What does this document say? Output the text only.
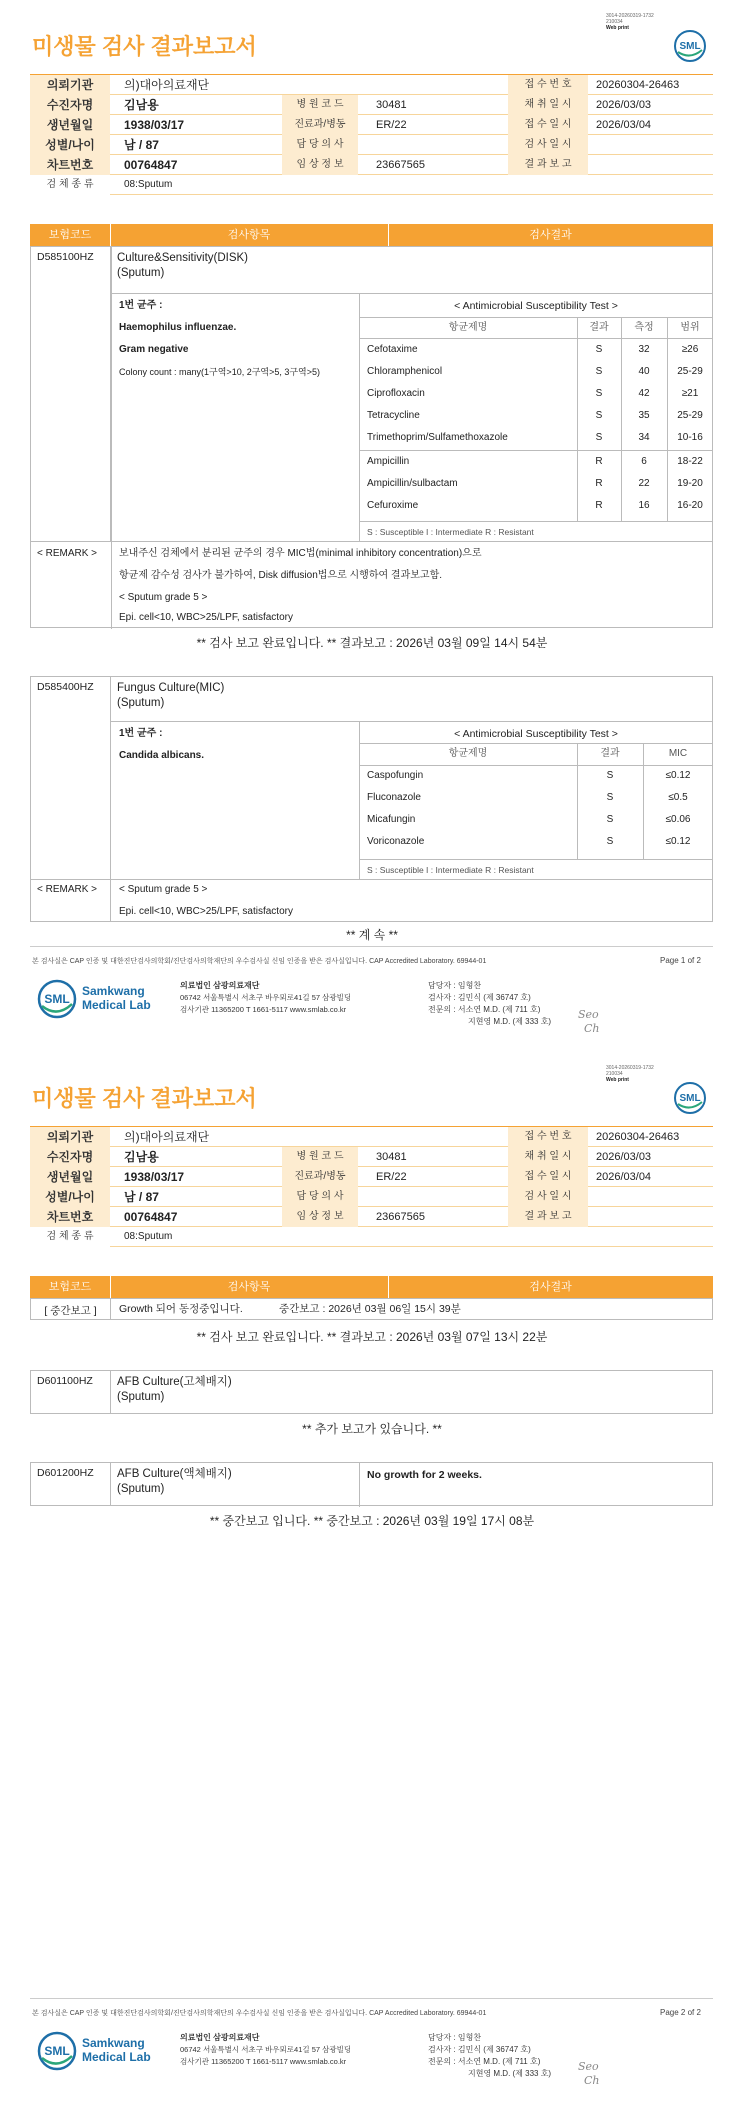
미생물 검사 결과보고서
3014-20260319-1732
210034
Web print
SML
의뢰기관	의)대아의료재단	접 수 번 호	20260304-26463
수진자명	김남용	병 원 코 드	30481	채 취 일 시	2026/03/03
생년월일	1938/03/17	진료과/병동	ER/22	접 수 일 시	2026/03/04
성별/나이	남 / 87	담 당 의 사	검 사 일 시
차트번호	00764847	임 상 정 보	23667565	결 과 보 고
검 체 종 류	08:Sputum
보험코드	검사항목	검사결과
D585100HZ	Culture&Sensitivity(DISK)
(Sputum)
1번 균주 :
Haemophilus influenzae.
Gram negative
Colony count : many(1구역>10, 2구역>5, 3구역>5)
< Antimicrobial Susceptibility Test >
항균제명	결과	측정	범위
Cefotaxime	S	32	≥26
Chloramphenicol	S	40	25-29
Ciprofloxacin	S	42	≥21
Tetracycline	S	35	25-29
Trimethoprim/Sulfamethoxazole	S	34	10-16
Ampicillin	R	6	18-22
Ampicillin/sulbactam	R	22	19-20
Cefuroxime	R	16	16-20
S : Susceptible I : Intermediate R : Resistant
< REMARK > 보내주신 검체에서 분리된 균주의 경우 MIC법(minimal inhibitory concentration)으로
항균제 감수성 검사가 불가하여, Disk diffusion법으로 시행하여 결과보고함.
< Sputum grade 5 >
Epi. cell<10, WBC>25/LPF, satisfactory
** 검사 보고 완료입니다. ** 결과보고 : 2026년 03월 09일 14시 54분
D585400HZ	Fungus Culture(MIC)
(Sputum)
1번 균주 :
Candida albicans.
< Antimicrobial Susceptibility Test >
항균제명	결과	MIC
Caspofungin	S	≤0.12
Fluconazole	S	≤0.5
Micafungin	S	≤0.06
Voriconazole	S	≤0.12
S : Susceptible I : Intermediate R : Resistant
< REMARK > < Sputum grade 5 >
Epi. cell<10, WBC>25/LPF, satisfactory
** 계 속 **
본 검사실은 CAP 인증 및 대한진단검사의학회/진단검사의학재단의 우수검사실 신임 인증을 받은 검사실입니다. CAP Accredited Laboratory. 69944-01	Page 1 of 2
SML
Samkwang
Medical Lab
의료법인 삼광의료재단
06742 서울특별시 서초구 바우뫼로41길 57 삼광빌딩
검사기관 11365200 T 1661-5117 www.smlab.co.kr
담당자 : 임형찬
검사자 : 김민식 (제 36747 호)
전문의 : 서소연 M.D. (제 711 호)
지현영 M.D. (제 333 호)
Seo
Ch
미생물 검사 결과보고서
3014-20260319-1732
210034
Web print
SML
의뢰기관	의)대아의료재단	접 수 번 호	20260304-26463
수진자명	김남용	병 원 코 드	30481	채 취 일 시	2026/03/03
생년월일	1938/03/17	진료과/병동	ER/22	접 수 일 시	2026/03/04
성별/나이	남 / 87	담 당 의 사	검 사 일 시
차트번호	00764847	임 상 정 보	23667565	결 과 보 고
검 체 종 류	08:Sputum
보험코드	검사항목	검사결과
[ 중간보고 ]	Growth 되어 동정중입니다.	중간보고 : 2026년 03월 06일 15시 39분
** 검사 보고 완료입니다. ** 결과보고 : 2026년 03월 07일 13시 22분
D601100HZ	AFB Culture(고체배지)
(Sputum)
** 추가 보고가 있습니다. **
D601200HZ	AFB Culture(액체배지)
(Sputum)
No growth for 2 weeks.
** 중간보고 입니다. ** 중간보고 : 2026년 03월 19일 17시 08분
본 검사실은 CAP 인증 및 대한진단검사의학회/진단검사의학재단의 우수검사실 신임 인증을 받은 검사실입니다. CAP Accredited Laboratory. 69944-01	Page 2 of 2
SML
Samkwang
Medical Lab
의료법인 삼광의료재단
06742 서울특별시 서초구 바우뫼로41길 57 삼광빌딩
검사기관 11365200 T 1661-5117 www.smlab.co.kr
담당자 : 임형찬
검사자 : 김민식 (제 36747 호)
전문의 : 서소연 M.D. (제 711 호)
지현영 M.D. (제 333 호)
Seo
Ch
